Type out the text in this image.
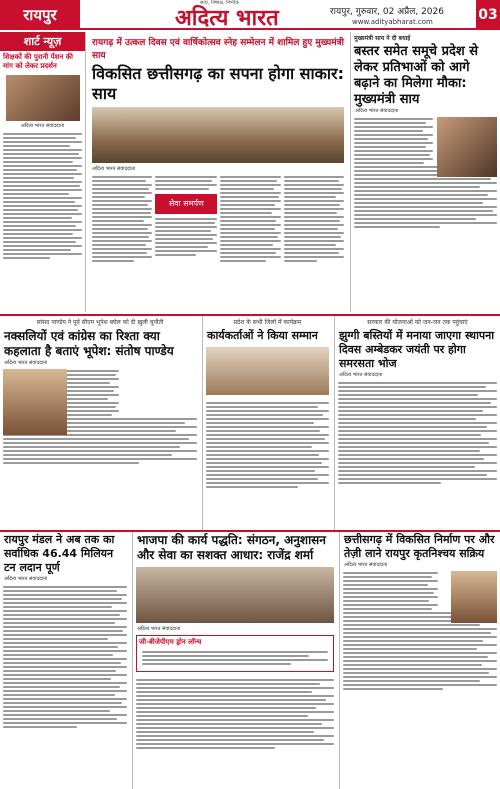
रायपुर
सत्य, निष्पक्ष, निर्भीक
अदित्य भारत	रायपुर, गुरुवार, 02 अप्रैल, 2026
www.adityabharat.com	03
शार्ट न्यूज़
शिक्षकों की पुरानी पेंशन की मांग को लेकर प्रदर्शन
अदित्य भारत संवाददाता
रायगढ़ में उत्कल दिवस एवं वार्षिकोत्सव स्नेह सम्मेलन में शामिल हुए मुख्यमंत्री साय
विकसित छत्तीसगढ़ का सपना होगा साकार: साय
अदित्य भारत संवाददाता
सेवा समर्पण
मुख्यमंत्री साय ने दी बधाई
बस्तर समेत समूचे प्रदेश से लेकर प्रतिभाओं को आगे बढ़ाने का मिलेगा मौका: मुख्यमंत्री साय
अदित्य भारत संवाददाता
सांसद पाण्डेय ने पूर्व सीएम भूपेश बघेल को दी खुली चुनौती
नक्सलियों एवं कांग्रेस का रिश्ता क्या कहलाता है बताएं भूपेश: संतोष पाण्डेय
अदित्य भारत संवाददाता
प्रदेश के सभी जिलों में कार्यक्रम
कार्यकर्ताओं ने किया सम्मान
सरकार की योजनाओं को जन-जन तक पहुंचाएं
झुग्गी बस्तियों में मनाया जाएगा स्थापना दिवस अम्बेडकर जयंती पर होगा समरसता भोज
अदित्य भारत संवाददाता
रायपुर मंडल ने अब तक का सर्वाधिक 46.44 मिलियन टन लदान पूर्ण
अदित्य भारत संवाददाता
भाजपा की कार्य पद्धति: संगठन, अनुशासन और सेवा का सशक्त आधार: राजेंद्र शर्मा
अदित्य भारत संवाददाता
जी-बीजेपीएम ड्रोन लॉन्च
छत्तीसगढ़ में विकसित निर्माण पर और तेज़ी लाने रायपुर कृतनिश्चय सक्रिय
अदित्य भारत संवाददाता
